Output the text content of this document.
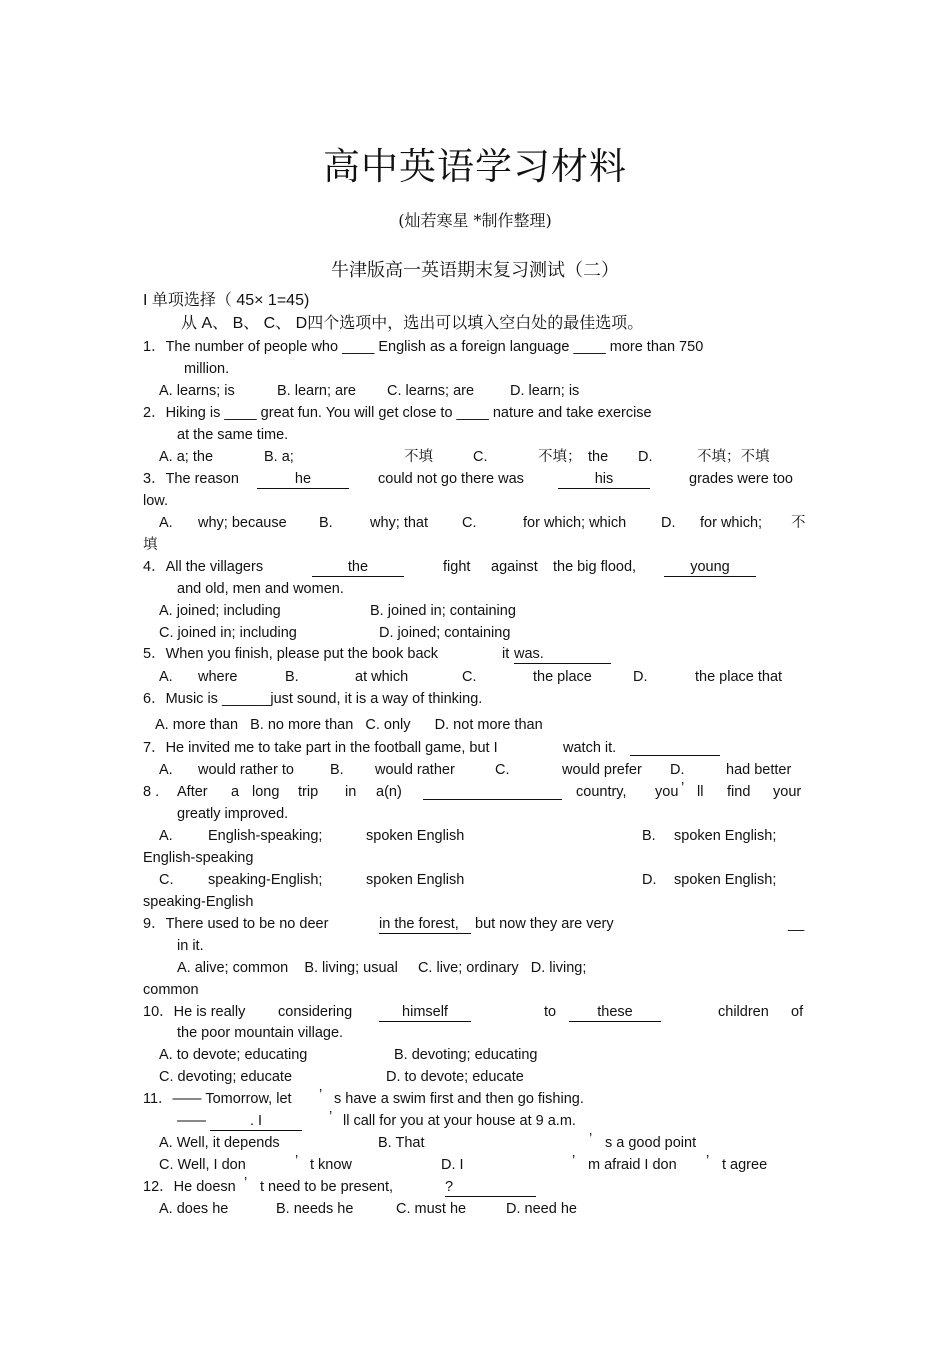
高中英语学习材料
(灿若寒星 *制作整理)
牛津版高一英语期末复习测试（二）
I 单项选择（ 45× 1=45)
从 A、 B、 C、 D四个选项中，选出可以填入空白处的最佳选项。
1．The number of people who ____ English as a foreign language ____ more than 750
million.
A. learns; is	B. learn; are C. learns; are D. learn; is
2．Hiking is ____ great fun. You will get close to ____ nature and take exercise
at the same time.
A. a; the	B. a;	不填	C.	不填； the D.	不填；不填
3．The reason	he	could not go there was	his	grades were too
low.
A. why; because B.	why; that C.	for which; which D. for which; 不
填
4．All the villagers	the	fight against the big flood,	young
and old, men and women.
A. joined; including	B. joined in; containing
C. joined in; including	D. joined; containing
5．When you finish, please put the book back	it was.
A. where	B.	at which	C.	the place	D.	the place that
6．Music is ______just sound, it is a way of thinking.
A. more than   B. no more than   C. only      D. not more than
7．He invited me to take part in the football game, but I	watch it.
A. would rather to B. would rather	C.	would prefer D.	had better
8 . After a long trip in a(n)	country, you ’ ll find your
greatly improved.
A. English-speaking;	spoken English	B. spoken English;
English-speaking
C. speaking-English;	spoken English	D. spoken English;
speaking-English
9．There used to be no deer	in the forest,	but now they are very	__
in it.
A. alive; common    B. living; usual     C. live; ordinary   D. living;
common
10．He is really considering	himself	to	these	children of
the poor mountain village.
A. to devote; educating	B. devoting; educating
C. devoting; educate	D. to devote; educate
11．—— Tomorrow, let ’ s have a swim first and then go fishing.
——	. I	’ ll call for you at your house at 9 a.m.
A. Well, it depends	B. That	’ s a good point
C. Well, I don	’ t know	D. I	’ m afraid I don ’ t agree
12．He doesn ’ t need to be present,	?
A. does he	B. needs he	C. must he	D. need he
